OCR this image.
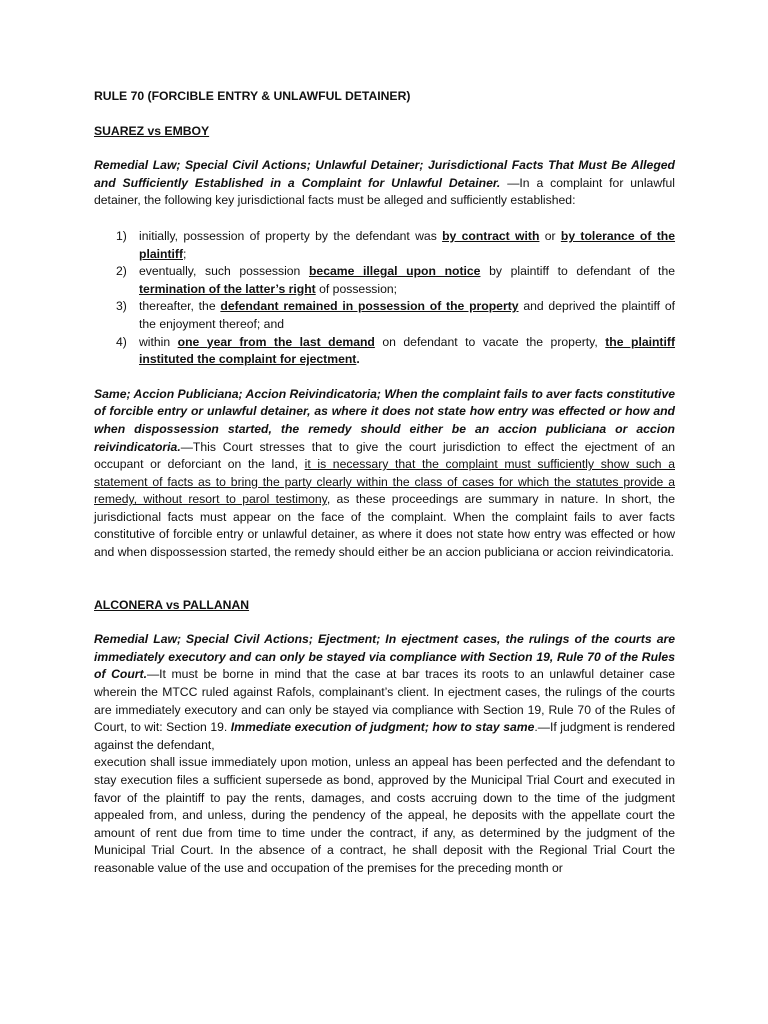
RULE 70 (FORCIBLE ENTRY & UNLAWFUL DETAINER)

SUAREZ vs EMBOY

Remedial Law; Special Civil Actions; Unlawful Detainer; Jurisdictional Facts That Must Be Alleged and Sufficiently Established in a Complaint for Unlawful Detainer. —In a complaint for unlawful detainer, the following key jurisdictional facts must be alleged and sufficiently established:

1) initially, possession of property by the defendant was by contract with or by tolerance of the plaintiff;
2) eventually, such possession became illegal upon notice by plaintiff to defendant of the termination of the latter’s right of possession;
3) thereafter, the defendant remained in possession of the property and deprived the plaintiff of the enjoyment thereof; and
4) within one year from the last demand on defendant to vacate the property, the plaintiff instituted the complaint for ejectment.

Same; Accion Publiciana; Accion Reivindicatoria; When the complaint fails to aver facts constitutive of forcible entry or unlawful detainer, as where it does not state how entry was effected or how and when dispossession started, the remedy should either be an accion publiciana or accion reivindicatoria.—This Court stresses that to give the court jurisdiction to effect the ejectment of an occupant or deforciant on the land, it is necessary that the complaint must sufficiently show such a statement of facts as to bring the party clearly within the class of cases for which the statutes provide a remedy, without resort to parol testimony, as these proceedings are summary in nature. In short, the jurisdictional facts must appear on the face of the complaint. When the complaint fails to aver facts constitutive of forcible entry or unlawful detainer, as where it does not state how entry was effected or how and when dispossession started, the remedy should either be an accion publiciana or accion reivindicatoria.

ALCONERA vs PALLANAN

Remedial Law; Special Civil Actions; Ejectment; In ejectment cases, the rulings of the courts are immediately executory and can only be stayed via compliance with Section 19, Rule 70 of the Rules of Court.—It must be borne in mind that the case at bar traces its roots to an unlawful detainer case wherein the MTCC ruled against Rafols, complainant’s client. In ejectment cases, the rulings of the courts are immediately executory and can only be stayed via compliance with Section 19, Rule 70 of the Rules of Court, to wit: Section 19. Immediate execution of judgment; how to stay same.—If judgment is rendered against the defendant,

execution shall issue immediately upon motion, unless an appeal has been perfected and the defendant to stay execution files a sufficient supersede as bond, approved by the Municipal Trial Court and executed in favor of the plaintiff to pay the rents, damages, and costs accruing down to the time of the judgment appealed from, and unless, during the pendency of the appeal, he deposits with the appellate court the amount of rent due from time to time under the contract, if any, as determined by the judgment of the Municipal Trial Court. In the absence of a contract, he shall deposit with the Regional Trial Court the reasonable value of the use and occupation of the premises for the preceding month or
